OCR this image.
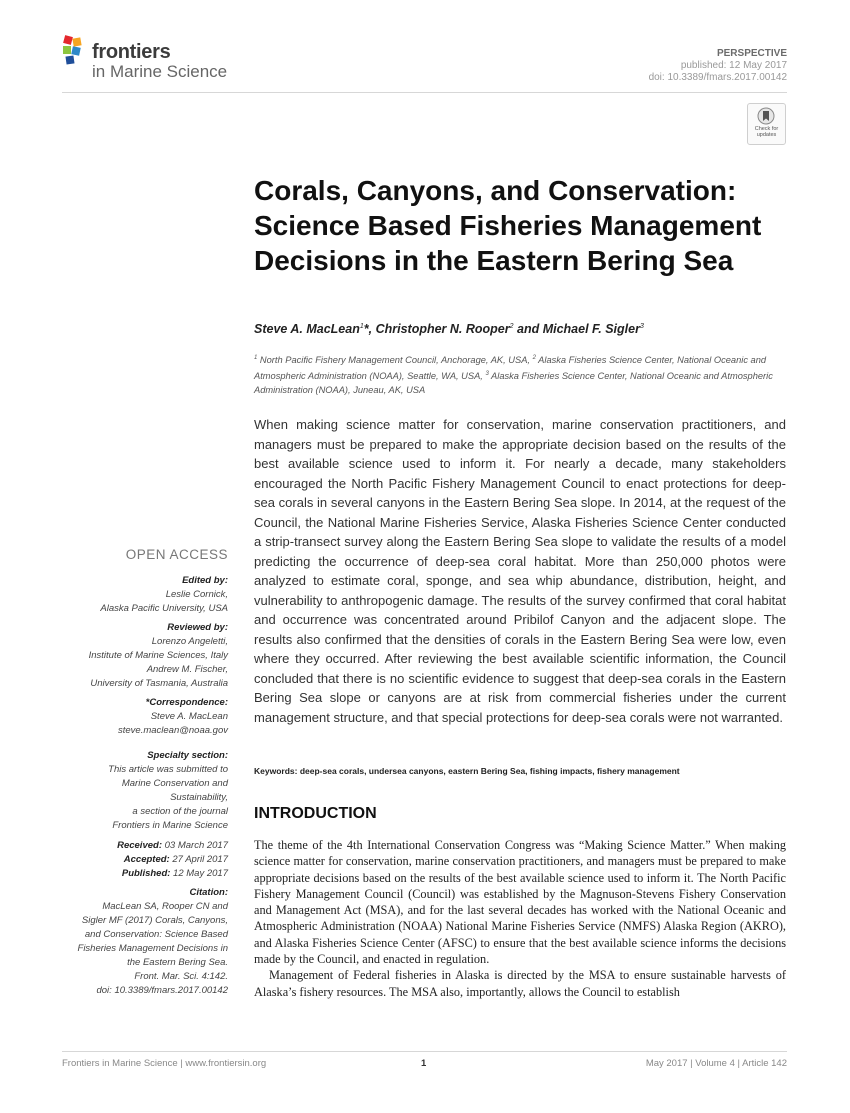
frontiers
in Marine Science
PERSPECTIVE
published: 12 May 2017
doi: 10.3389/fmars.2017.00142
Check for updates
Corals, Canyons, and Conservation: Science Based Fisheries Management Decisions in the Eastern Bering Sea
Steve A. MacLean$^1$*, Christopher N. Rooper$^2$ and Michael F. Sigler$^3$
$^1$ North Pacific Fishery Management Council, Anchorage, AK, USA, $^2$ Alaska Fisheries Science Center, National Oceanic and Atmospheric Administration (NOAA), Seattle, WA, USA, $^3$ Alaska Fisheries Science Center, National Oceanic and Atmospheric Administration (NOAA), Juneau, AK, USA
When making science matter for conservation, marine conservation practitioners, and managers must be prepared to make the appropriate decision based on the results of the best available science used to inform it. For nearly a decade, many stakeholders encouraged the North Pacific Fishery Management Council to enact protections for deep-sea corals in several canyons in the Eastern Bering Sea slope. In 2014, at the request of the Council, the National Marine Fisheries Service, Alaska Fisheries Science Center conducted a strip-transect survey along the Eastern Bering Sea slope to validate the results of a model predicting the occurrence of deep-sea coral habitat. More than 250,000 photos were analyzed to estimate coral, sponge, and sea whip abundance, distribution, height, and vulnerability to anthropogenic damage. The results of the survey confirmed that coral habitat and occurrence was concentrated around Pribilof Canyon and the adjacent slope. The results also confirmed that the densities of corals in the Eastern Bering Sea were low, even where they occurred. After reviewing the best available scientific information, the Council concluded that there is no scientific evidence to suggest that deep-sea corals in the Eastern Bering Sea slope or canyons are at risk from commercial fisheries under the current management structure, and that special protections for deep-sea corals were not warranted.
Keywords: deep-sea corals, undersea canyons, eastern Bering Sea, fishing impacts, fishery management
OPEN ACCESS
Edited by:
Leslie Cornick,
Alaska Pacific University, USA
Reviewed by:
Lorenzo Angeletti,
Institute of Marine Sciences, Italy
Andrew M. Fischer,
University of Tasmania, Australia
*Correspondence:
Steve A. MacLean
steve.maclean@noaa.gov
Specialty section:
This article was submitted to
Marine Conservation and
Sustainability,
a section of the journal
Frontiers in Marine Science
Received: 03 March 2017
Accepted: 27 April 2017
Published: 12 May 2017
Citation:
MacLean SA, Rooper CN and
Sigler MF (2017) Corals, Canyons,
and Conservation: Science Based
Fisheries Management Decisions in
the Eastern Bering Sea.
Front. Mar. Sci. 4:142.
doi: 10.3389/fmars.2017.00142
INTRODUCTION

The theme of the 4th International Conservation Congress was “Making Science Matter.” When making science matter for conservation, marine conservation practitioners, and managers must be prepared to make appropriate decisions based on the results of the best available science used to inform it. The North Pacific Fishery Management Council (Council) was established by the Magnuson-Stevens Fishery Conservation and Management Act (MSA), and for the last several decades has worked with the National Oceanic and Atmospheric Administration (NOAA) National Marine Fisheries Service (NMFS) Alaska Region (AKRO), and Alaska Fisheries Science Center (AFSC) to ensure that the best available science informs the decisions made by the Council, and enacted in regulation.

Management of Federal fisheries in Alaska is directed by the MSA to ensure sustainable harvests of Alaska’s fishery resources. The MSA also, importantly, allows the Council to establish

Frontiers in Marine Science | www.frontiersin.org	1	May 2017 | Volume 4 | Article 142
